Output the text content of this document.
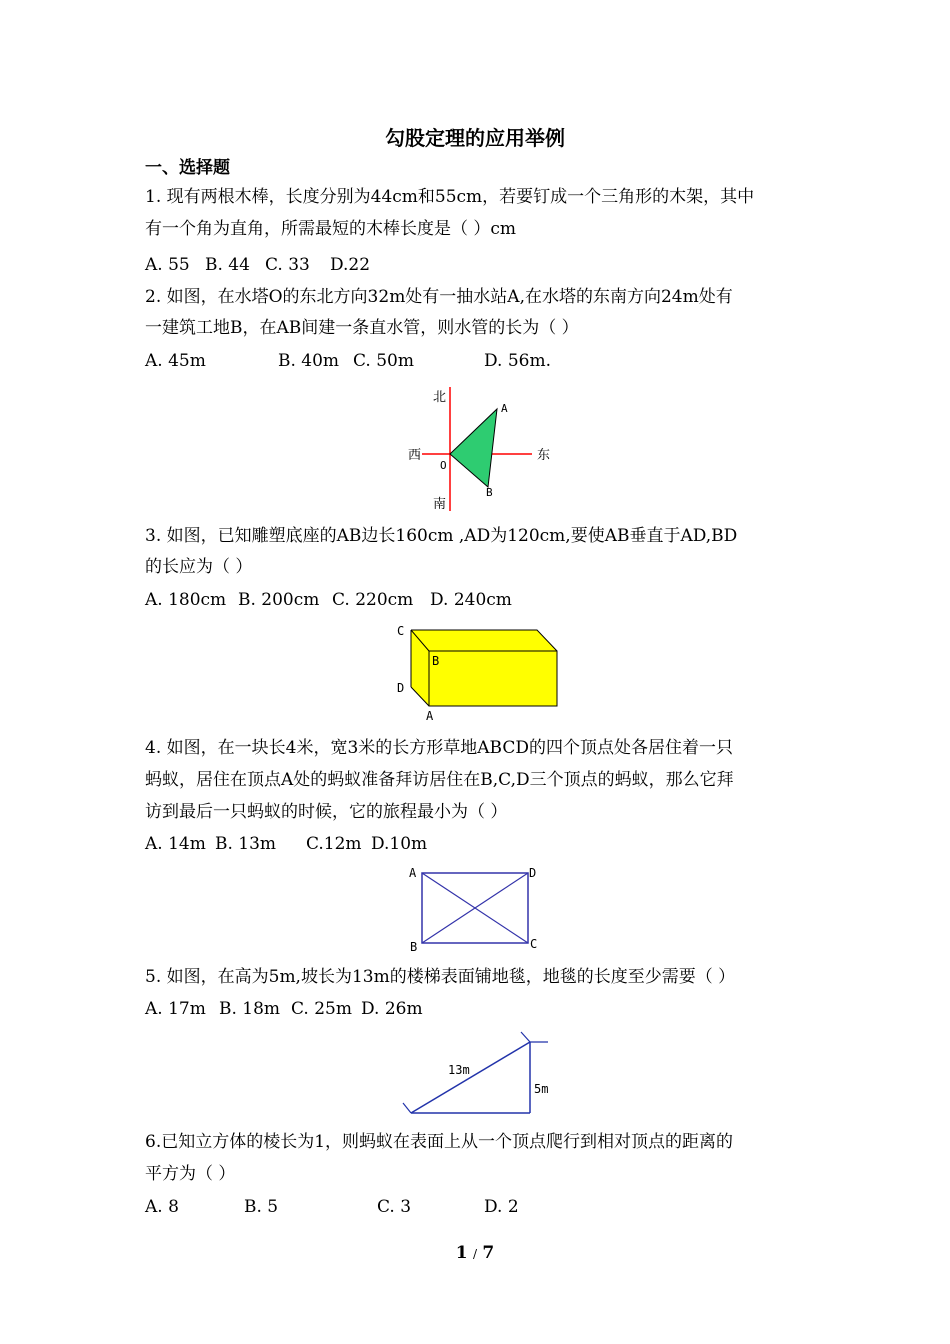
勾股定理的应用举例
一、选择题
1. 现有两根木棒，长度分别为44cm和55cm，若要钉成一个三角形的木架，其中
有一个角为直角，所需最短的木棒长度是（ ）cm
A. 55 B. 44 C. 33 D.22
2. 如图，在水塔O的东北方向32m处有一抽水站A,在水塔的东南方向24m处有
一建筑工地B，在AB间建一条直水管，则水管的长为（ ）
A. 45m	B. 40m C. 50m	D. 56m.
北
南
西	东
O
A
B
3. 如图，已知雕塑底座的AB边长160cm ,AD为120cm,要使AB垂直于AD,BD
的长应为（ ）
A. 180cm B. 200cm C. 220cm D. 240cm
C
B
D
A
4. 如图，在一块长4米，宽3米的长方形草地ABCD的四个顶点处各居住着一只
蚂蚁，居住在顶点A处的蚂蚁准备拜访居住在B,C,D三个顶点的蚂蚁，那么它拜
访到最后一只蚂蚁的时候，它的旅程最小为（ ）
A. 14m B. 13m C.12m D.10m
A	D
B	C
5. 如图，在高为5m,坡长为13m的楼梯表面铺地毯，地毯的长度至少需要（ ）
A. 17m B. 18m C. 25m D. 26m
13m
5m
6.已知立方体的棱长为1，则蚂蚁在表面上从一个顶点爬行到相对顶点的距离的
平方为（ ）
A. 8	B. 5	C. 3	D. 2
1 / 7
